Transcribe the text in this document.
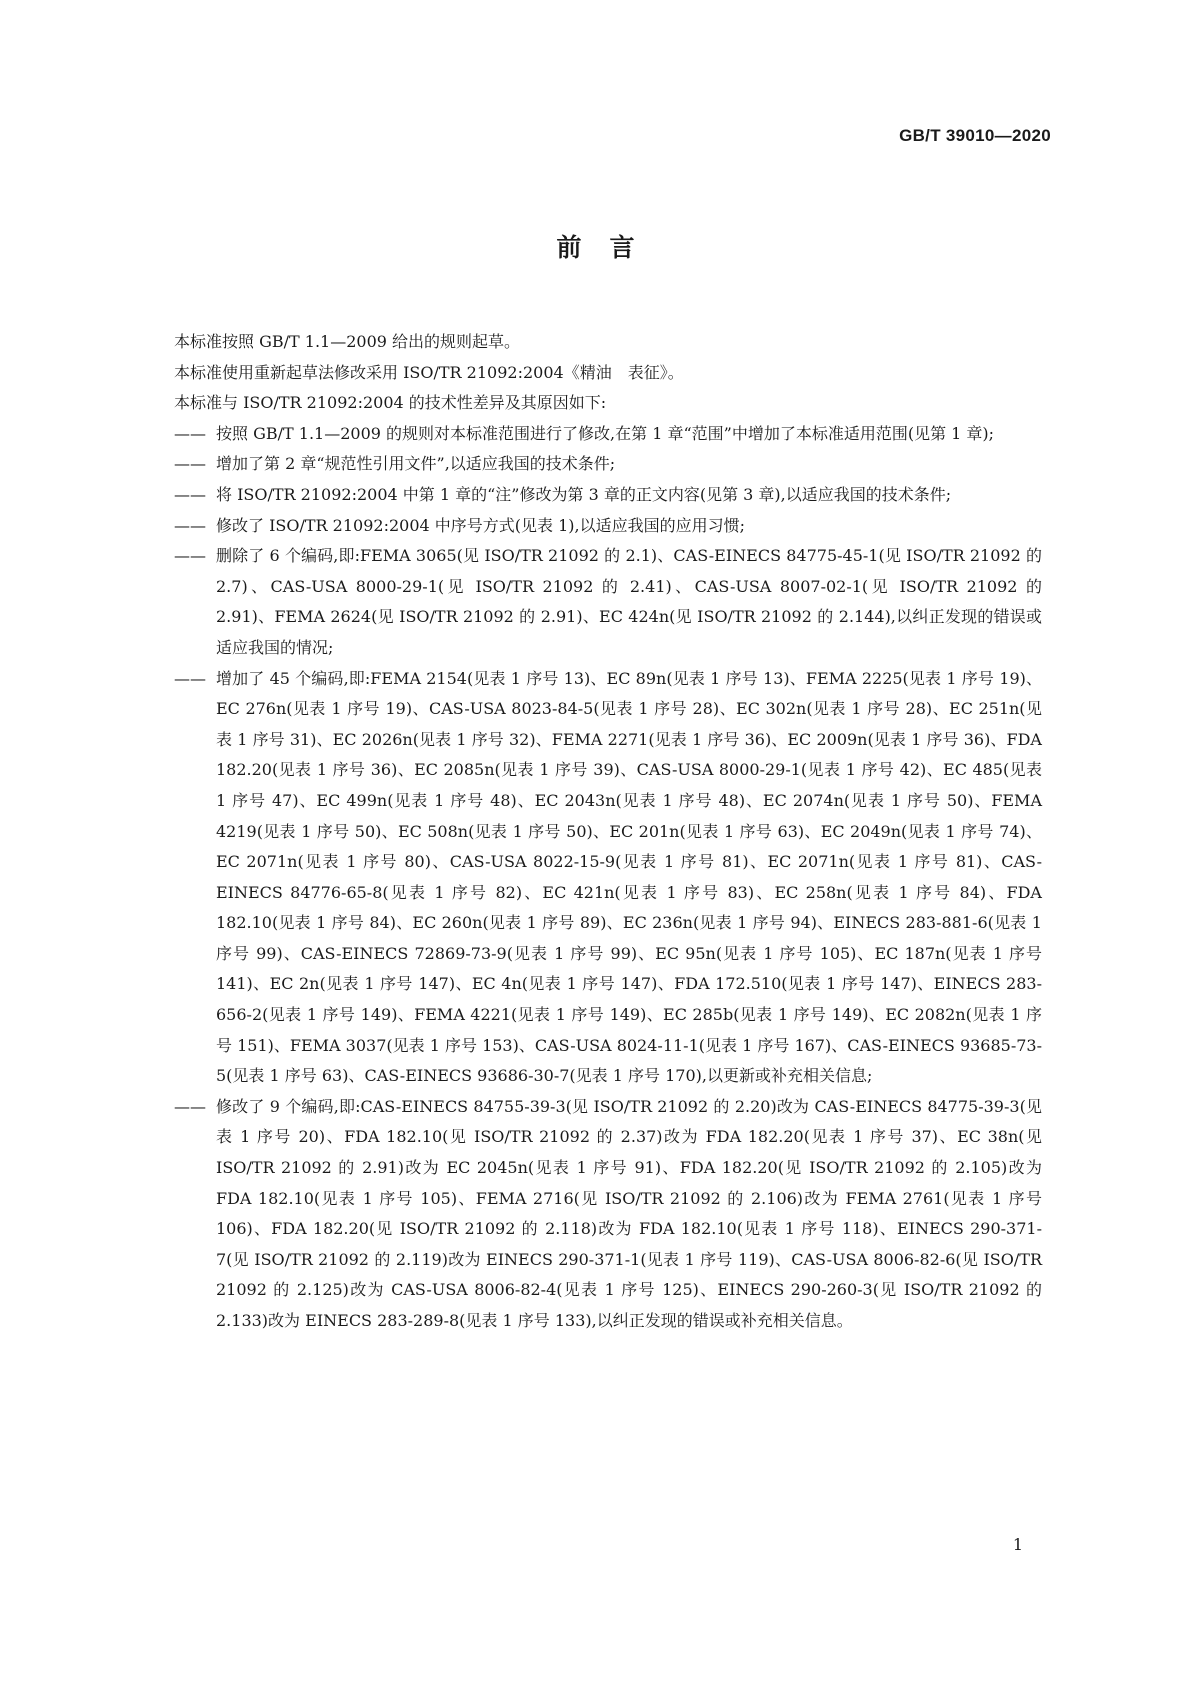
GB/T 39010—2020
前言

本标准按照 GB/T 1.1—2009 给出的规则起草。

本标准使用重新起草法修改采用 ISO/TR 21092:2004《精油　表征》。

本标准与 ISO/TR 21092:2004 的技术性差异及其原因如下:

—— 按照 GB/T 1.1—2009 的规则对本标准范围进行了修改,在第 1 章“范围”中增加了本标准适用范围(见第 1 章);
—— 增加了第 2 章“规范性引用文件”,以适应我国的技术条件;
—— 将 ISO/TR 21092:2004 中第 1 章的“注”修改为第 3 章的正文内容(见第 3 章),以适应我国的技术条件;
—— 修改了 ISO/TR 21092:2004 中序号方式(见表 1),以适应我国的应用习惯;
—— 删除了 6 个编码,即:FEMA 3065(见 ISO/TR 21092 的 2.1)、CAS-EINECS 84775-45-1(见 ISO/TR 21092 的 2.7)、CAS-USA 8000-29-1(见 ISO/TR 21092 的 2.41)、CAS-USA 8007-02-1(见 ISO/TR 21092 的 2.91)、FEMA 2624(见 ISO/TR 21092 的 2.91)、EC 424n(见 ISO/TR 21092 的 2.144),以纠正发现的错误或适应我国的情况;
—— 增加了 45 个编码,即:FEMA 2154(见表 1 序号 13)、EC 89n(见表 1 序号 13)、FEMA 2225(见表 1 序号 19)、EC 276n(见表 1 序号 19)、CAS-USA 8023-84-5(见表 1 序号 28)、EC 302n(见表 1 序号 28)、EC 251n(见表 1 序号 31)、EC 2026n(见表 1 序号 32)、FEMA 2271(见表 1 序号 36)、EC 2009n(见表 1 序号 36)、FDA 182.20(见表 1 序号 36)、EC 2085n(见表 1 序号 39)、CAS-USA 8000-29-1(见表 1 序号 42)、EC 485(见表 1 序号 47)、EC 499n(见表 1 序号 48)、EC 2043n(见表 1 序号 48)、EC 2074n(见表 1 序号 50)、FEMA 4219(见表 1 序号 50)、EC 508n(见表 1 序号 50)、EC 201n(见表 1 序号 63)、EC 2049n(见表 1 序号 74)、EC 2071n(见表 1 序号 80)、CAS-USA 8022-15-9(见表 1 序号 81)、EC 2071n(见表 1 序号 81)、CAS-EINECS 84776-65-8(见表 1 序号 82)、EC 421n(见表 1 序号 83)、EC 258n(见表 1 序号 84)、FDA 182.10(见表 1 序号 84)、EC 260n(见表 1 序号 89)、EC 236n(见表 1 序号 94)、EINECS 283-881-6(见表 1 序号 99)、CAS-EINECS 72869-73-9(见表 1 序号 99)、EC 95n(见表 1 序号 105)、EC 187n(见表 1 序号 141)、EC 2n(见表 1 序号 147)、EC 4n(见表 1 序号 147)、FDA 172.510(见表 1 序号 147)、EINECS 283-656-2(见表 1 序号 149)、FEMA 4221(见表 1 序号 149)、EC 285b(见表 1 序号 149)、EC 2082n(见表 1 序号 151)、FEMA 3037(见表 1 序号 153)、CAS-USA 8024-11-1(见表 1 序号 167)、CAS-EINECS 93685-73-5(见表 1 序号 63)、CAS-EINECS 93686-30-7(见表 1 序号 170),以更新或补充相关信息;
—— 修改了 9 个编码,即:CAS-EINECS 84755-39-3(见 ISO/TR 21092 的 2.20)改为 CAS-EINECS 84775-39-3(见表 1 序号 20)、FDA 182.10(见 ISO/TR 21092 的 2.37)改为 FDA 182.20(见表 1 序号 37)、EC 38n(见 ISO/TR 21092 的 2.91)改为 EC 2045n(见表 1 序号 91)、FDA 182.20(见 ISO/TR 21092 的 2.105)改为 FDA 182.10(见表 1 序号 105)、FEMA 2716(见 ISO/TR 21092 的 2.106)改为 FEMA 2761(见表 1 序号 106)、FDA 182.20(见 ISO/TR 21092 的 2.118)改为 FDA 182.10(见表 1 序号 118)、EINECS 290-371-7(见 ISO/TR 21092 的 2.119)改为 EINECS 290-371-1(见表 1 序号 119)、CAS-USA 8006-82-6(见 ISO/TR 21092 的 2.125)改为 CAS-USA 8006-82-4(见表 1 序号 125)、EINECS 290-260-3(见 ISO/TR 21092 的 2.133)改为 EINECS 283-289-8(见表 1 序号 133),以纠正发现的错误或补充相关信息。
1
